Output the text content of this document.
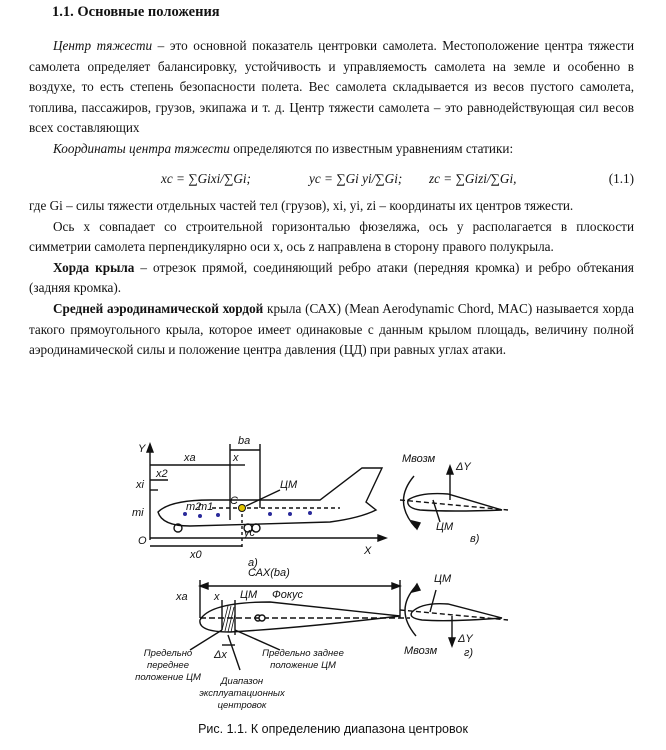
1.1. Основные положения

Центр тяжести – это основной показатель центровки самолета. Местоположение центра тяжести самолета определяет балансировку, устойчивость и управляемость самолета на земле и особенно в воздухе, то есть степень безопасности полета. Вес самолета складывается из весов пустого самолета, топлива, пассажиров, грузов, экипажа и т. д. Центр тяжести самолета – это равнодействующая сил весов всех составляющих

Координаты центра тяжести определяются по известным уравнениям статики:

xc = ∑Gixi/∑Gi;	yc = ∑Gi yi/∑Gi; zc = ∑Gizi/∑Gi,	(1.1)

где Gi – силы тяжести отдельных частей тел (грузов), xi, yi, zi – координаты их центров тяжести.

Ось x совпадает со строительной горизонталью фюзеляжа, ось y располагается в плоскости симметрии самолета перпендикулярно оси x, ось z направлена в сторону правого полукрыла.

Хорда крыла – отрезок прямой, соединяющий ребро атаки (передняя кромка) и ребро обтекания (задняя кромка).

Средней аэродинамической хордой крыла (САХ) (Mean Aerodynamic Chord, MAC) называется хорда такого прямоугольного крыла, которое имеет одинаковые с данным крылом площадь, величину полной аэродинамической силы и положение центра давления (ЦД) при равных углах атаки.

Y
X
O
xa	x
ba
x2
xi
mi	m2
m1 C
yc
x0
ЦМ
а)
Mвозм
ΔY
ЦМ
в)
САХ(ba)
xa x ЦМ Фокус
Δx
ЦМ
Mвозм
ΔY
г)
Предельно переднее положение ЦМ
Предельно заднее положение ЦМ
Диапазон эксплуатационных центровок
Рис. 1.1. К определению диапазона центровок
